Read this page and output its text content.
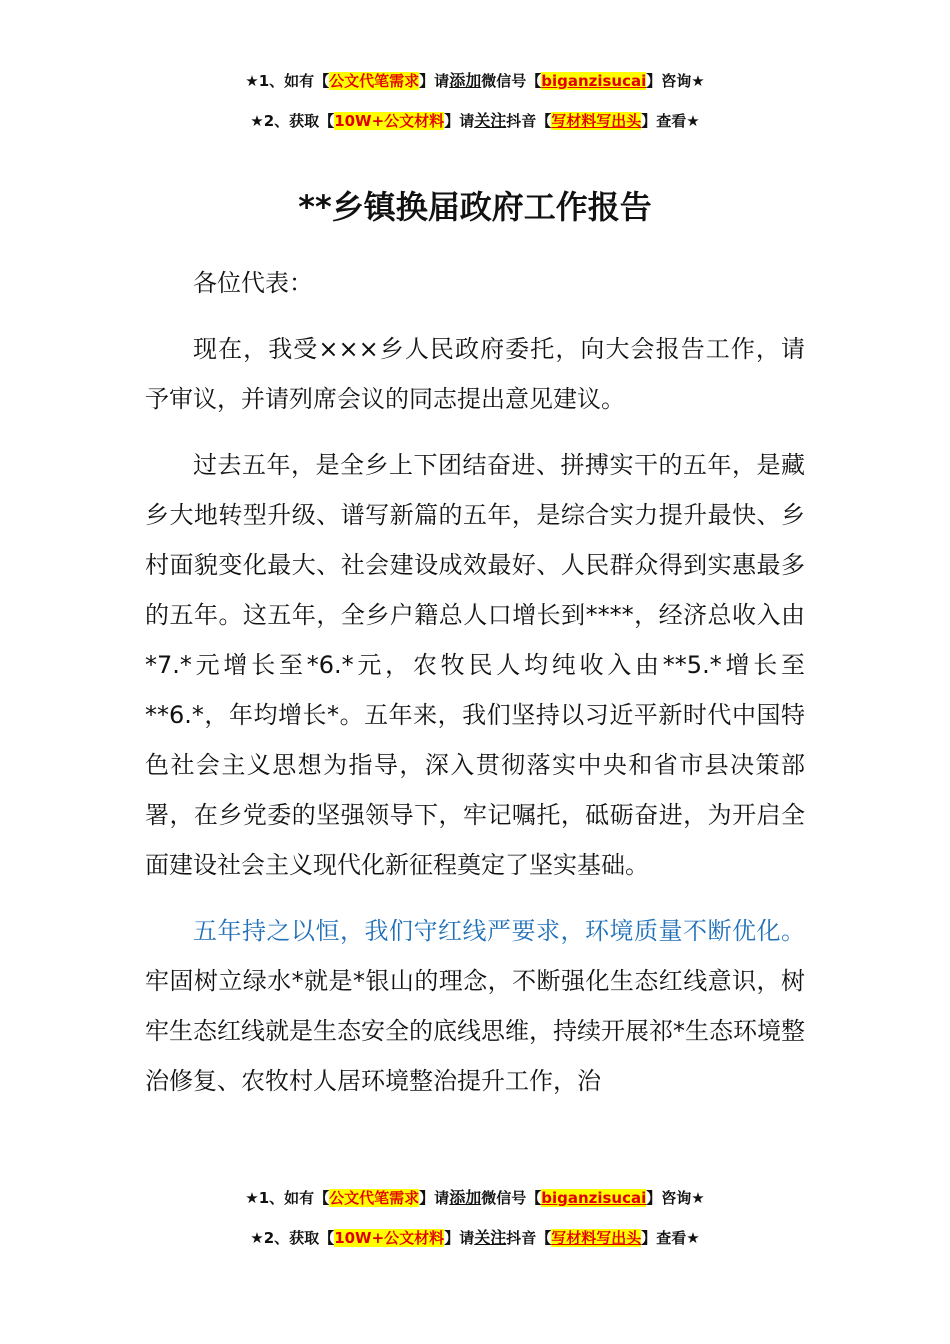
★1、如有【公文代笔需求】请添加微信号【biganzisucai】咨询★
★2、获取【10W+公文材料】请关注抖音【写材料写出头】查看★
**乡镇换届政府工作报告

各位代表：

现在，我受×××乡人民政府委托，向大会报告工作，请予审议，并请列席会议的同志提出意见建议。

过去五年，是全乡上下团结奋进、拼搏实干的五年，是藏乡大地转型升级、谱写新篇的五年，是综合实力提升最快、乡村面貌变化最大、社会建设成效最好、人民群众得到实惠最多的五年。这五年，全乡户籍总人口增长到****，经济总收入由*7.*元增长至*6.*元，农牧民人均纯收入由**5.*增长至**6.*，年均增长*。五年来，我们坚持以习近平新时代中国特色社会主义思想为指导，深入贯彻落实中央和省市县决策部署，在乡党委的坚强领导下，牢记嘱托，砥砺奋进，为开启全面建设社会主义现代化新征程奠定了坚实基础。

五年持之以恒，我们守红线严要求，环境质量不断优化。牢固树立绿水*就是*银山的理念，不断强化生态红线意识，树牢生态红线就是生态安全的底线思维，持续开展祁*生态环境整治修复、农牧村人居环境整治提升工作，治

★1、如有【公文代笔需求】请添加微信号【biganzisucai】咨询★
★2、获取【10W+公文材料】请关注抖音【写材料写出头】查看★
